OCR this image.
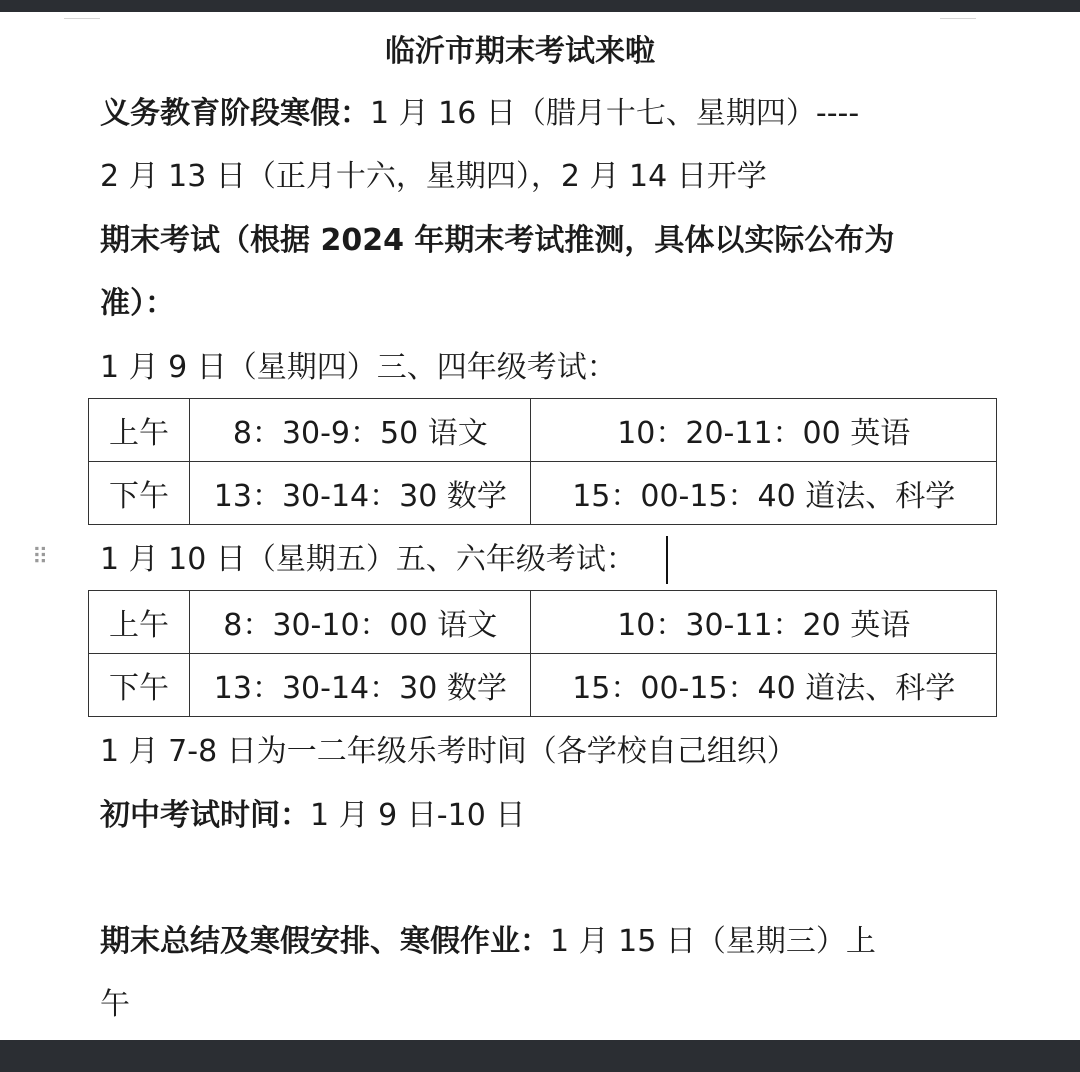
临沂市期末考试来啦
义务教育阶段寒假：1 月 16 日（腊月十七、星期四）----
2 月 13 日（正月十六，星期四），2 月 14 日开学
期末考试（根据 2024 年期末考试推测，具体以实际公布为
准）：
1 月 9 日（星期四）三、四年级考试：
上午	8：30-9：50 语文	10：20-11：00 英语
下午	13：30-14：30 数学	15：00-15：40 道法、科学
⠿ 1 月 10 日（星期五）五、六年级考试：
上午	8：30-10：00 语文	10：30-11：20 英语
下午	13：30-14：30 数学	15：00-15：40 道法、科学
1 月 7-8 日为一二年级乐考时间（各学校自己组织）
初中考试时间：1 月 9 日-10 日
期末总结及寒假安排、寒假作业：1 月 15 日（星期三）上
午
